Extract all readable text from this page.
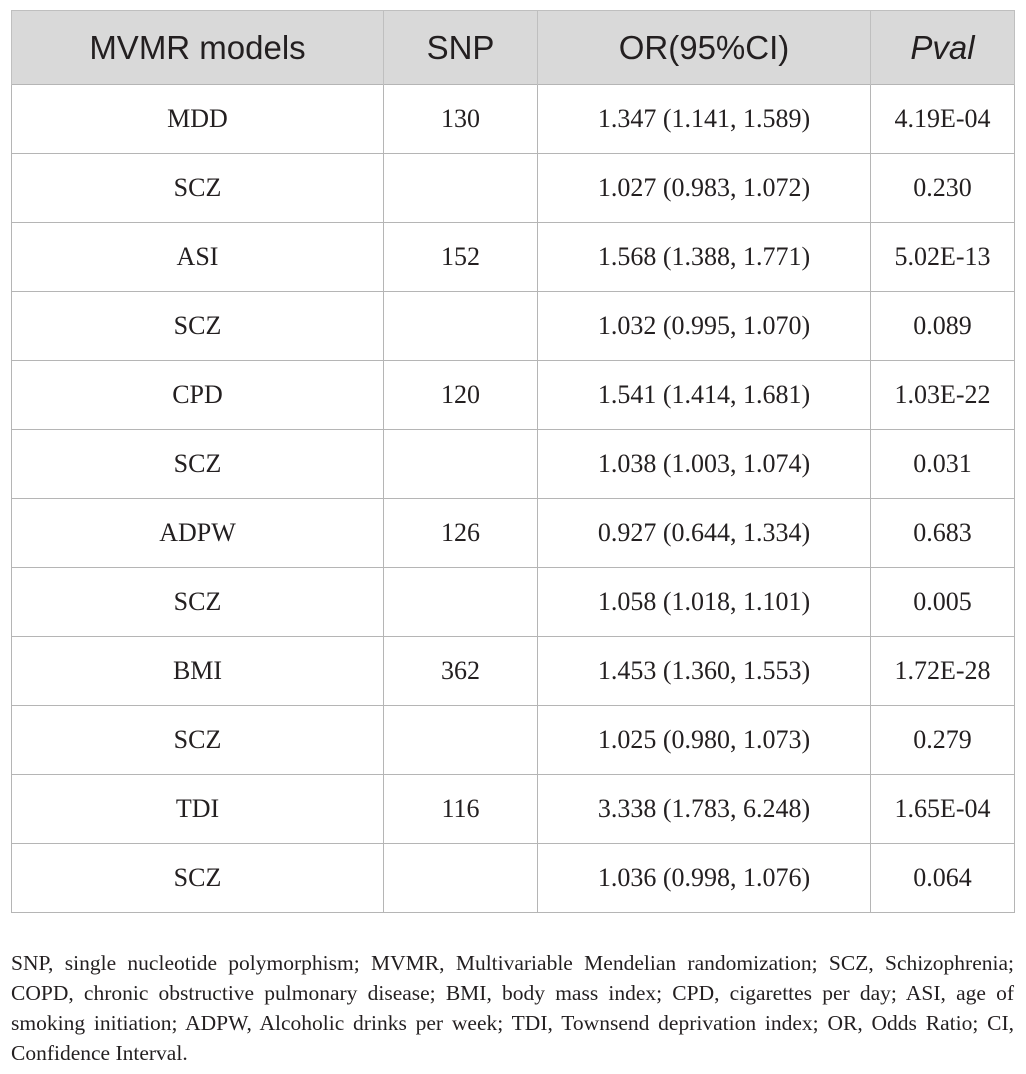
MVMR models	SNP	OR(95%CI)	Pval
MDD	130	1.347 (1.141, 1.589)	4.19E-04
SCZ		1.027 (0.983, 1.072)	0.230
ASI	152	1.568 (1.388, 1.771)	5.02E-13
SCZ		1.032 (0.995, 1.070)	0.089
CPD	120	1.541 (1.414, 1.681)	1.03E-22
SCZ		1.038 (1.003, 1.074)	0.031
ADPW	126	0.927 (0.644, 1.334)	0.683
SCZ		1.058 (1.018, 1.101)	0.005
BMI	362	1.453 (1.360, 1.553)	1.72E-28
SCZ		1.025 (0.980, 1.073)	0.279
TDI	116	3.338 (1.783, 6.248)	1.65E-04
SCZ		1.036 (0.998, 1.076)	0.064

SNP, single nucleotide polymorphism; MVMR, Multivariable Mendelian randomization; SCZ, Schizophrenia; COPD, chronic obstructive pulmonary disease; BMI, body mass index; CPD, cigarettes per day; ASI, age of smoking initiation; ADPW, Alcoholic drinks per week; TDI, Townsend deprivation index; OR, Odds Ratio; CI, Confidence Interval.
